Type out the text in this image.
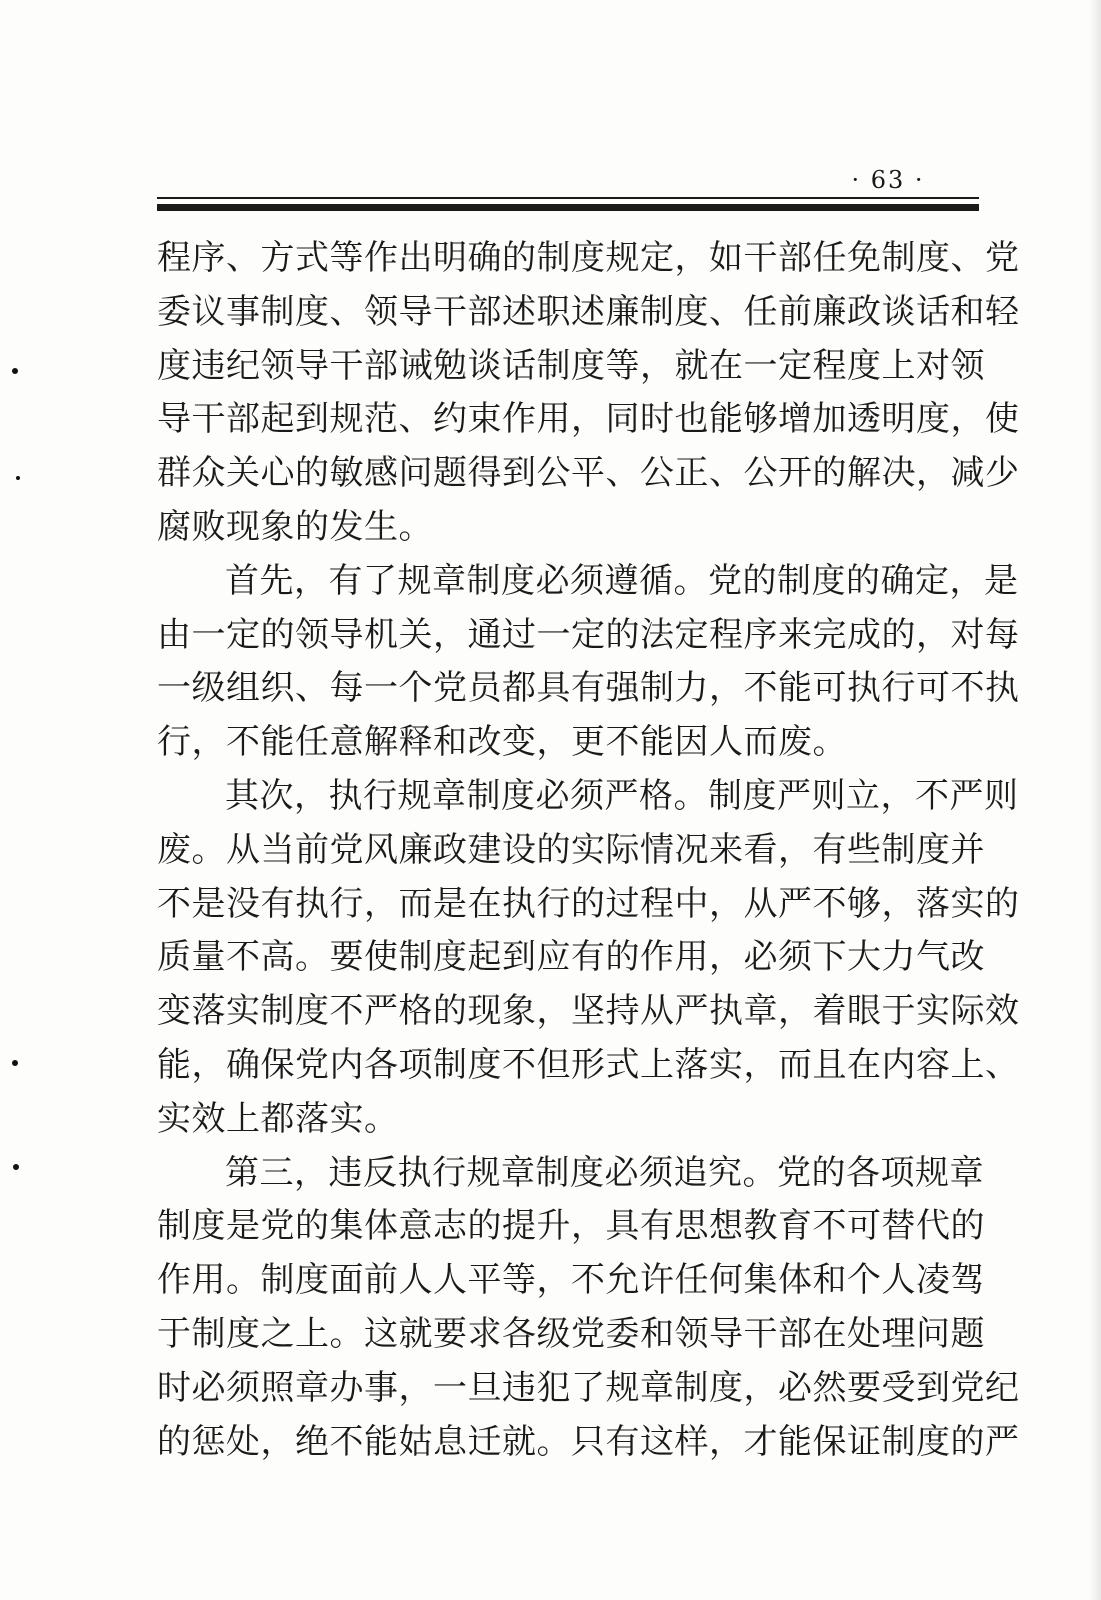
· 63 ·
程序、方式等作出明确的制度规定，如干部任免制度、党
委议事制度、领导干部述职述廉制度、任前廉政谈话和轻
度违纪领导干部诫勉谈话制度等，就在一定程度上对领
导干部起到规范、约束作用，同时也能够增加透明度，使
群众关心的敏感问题得到公平、公正、公开的解决，减少
腐败现象的发生。
首先，有了规章制度必须遵循。党的制度的确定，是
由一定的领导机关，通过一定的法定程序来完成的，对每
一级组织、每一个党员都具有强制力，不能可执行可不执
行，不能任意解释和改变，更不能因人而废。
其次，执行规章制度必须严格。制度严则立，不严则
废。从当前党风廉政建设的实际情况来看，有些制度并
不是没有执行，而是在执行的过程中，从严不够，落实的
质量不高。要使制度起到应有的作用，必须下大力气改
变落实制度不严格的现象，坚持从严执章，着眼于实际效
能，确保党内各项制度不但形式上落实，而且在内容上、
实效上都落实。
第三，违反执行规章制度必须追究。党的各项规章
制度是党的集体意志的提升，具有思想教育不可替代的
作用。制度面前人人平等，不允许任何集体和个人凌驾
于制度之上。这就要求各级党委和领导干部在处理问题
时必须照章办事，一旦违犯了规章制度，必然要受到党纪
的惩处，绝不能姑息迁就。只有这样，才能保证制度的严
